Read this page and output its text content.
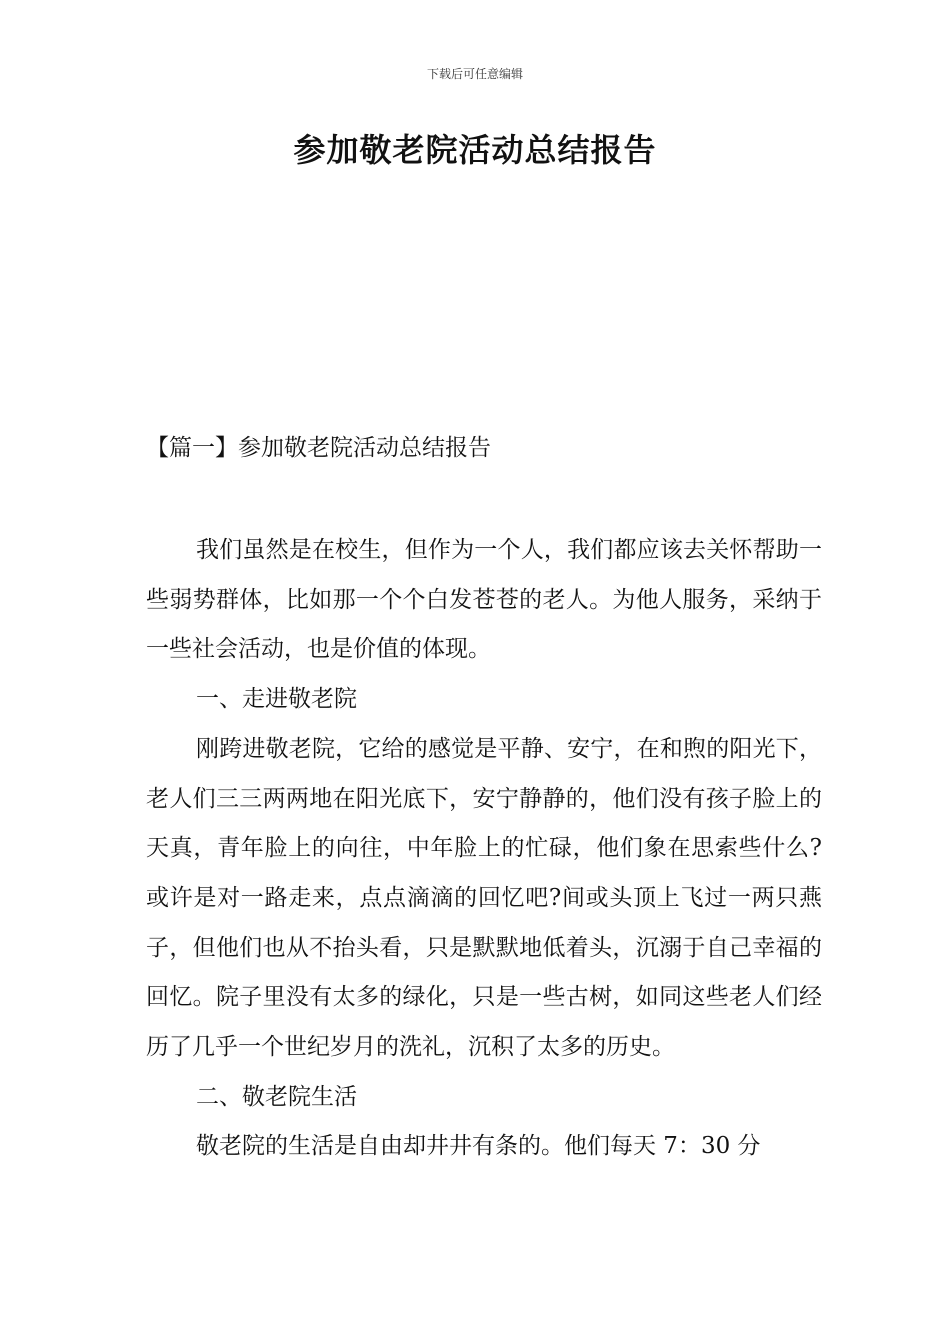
下载后可任意编辑
参加敬老院活动总结报告
【篇一】参加敬老院活动总结报告

我们虽然是在校生，但作为一个人，我们都应该去关怀帮助一些弱势群体，比如那一个个白发苍苍的老人。为他人服务，采纳于一些社会活动，也是价值的体现。

一、走进敬老院

刚跨进敬老院，它给的感觉是平静、安宁，在和煦的阳光下，老人们三三两两地在阳光底下，安宁静静的，他们没有孩子脸上的天真，青年脸上的向往，中年脸上的忙碌，他们象在思索些什么?或许是对一路走来，点点滴滴的回忆吧?间或头顶上飞过一两只燕子，但他们也从不抬头看，只是默默地低着头，沉溺于自己幸福的回忆。院子里没有太多的绿化，只是一些古树，如同这些老人们经历了几乎一个世纪岁月的洗礼，沉积了太多的历史。

二、敬老院生活

敬老院的生活是自由却井井有条的。他们每天 7：30 分
